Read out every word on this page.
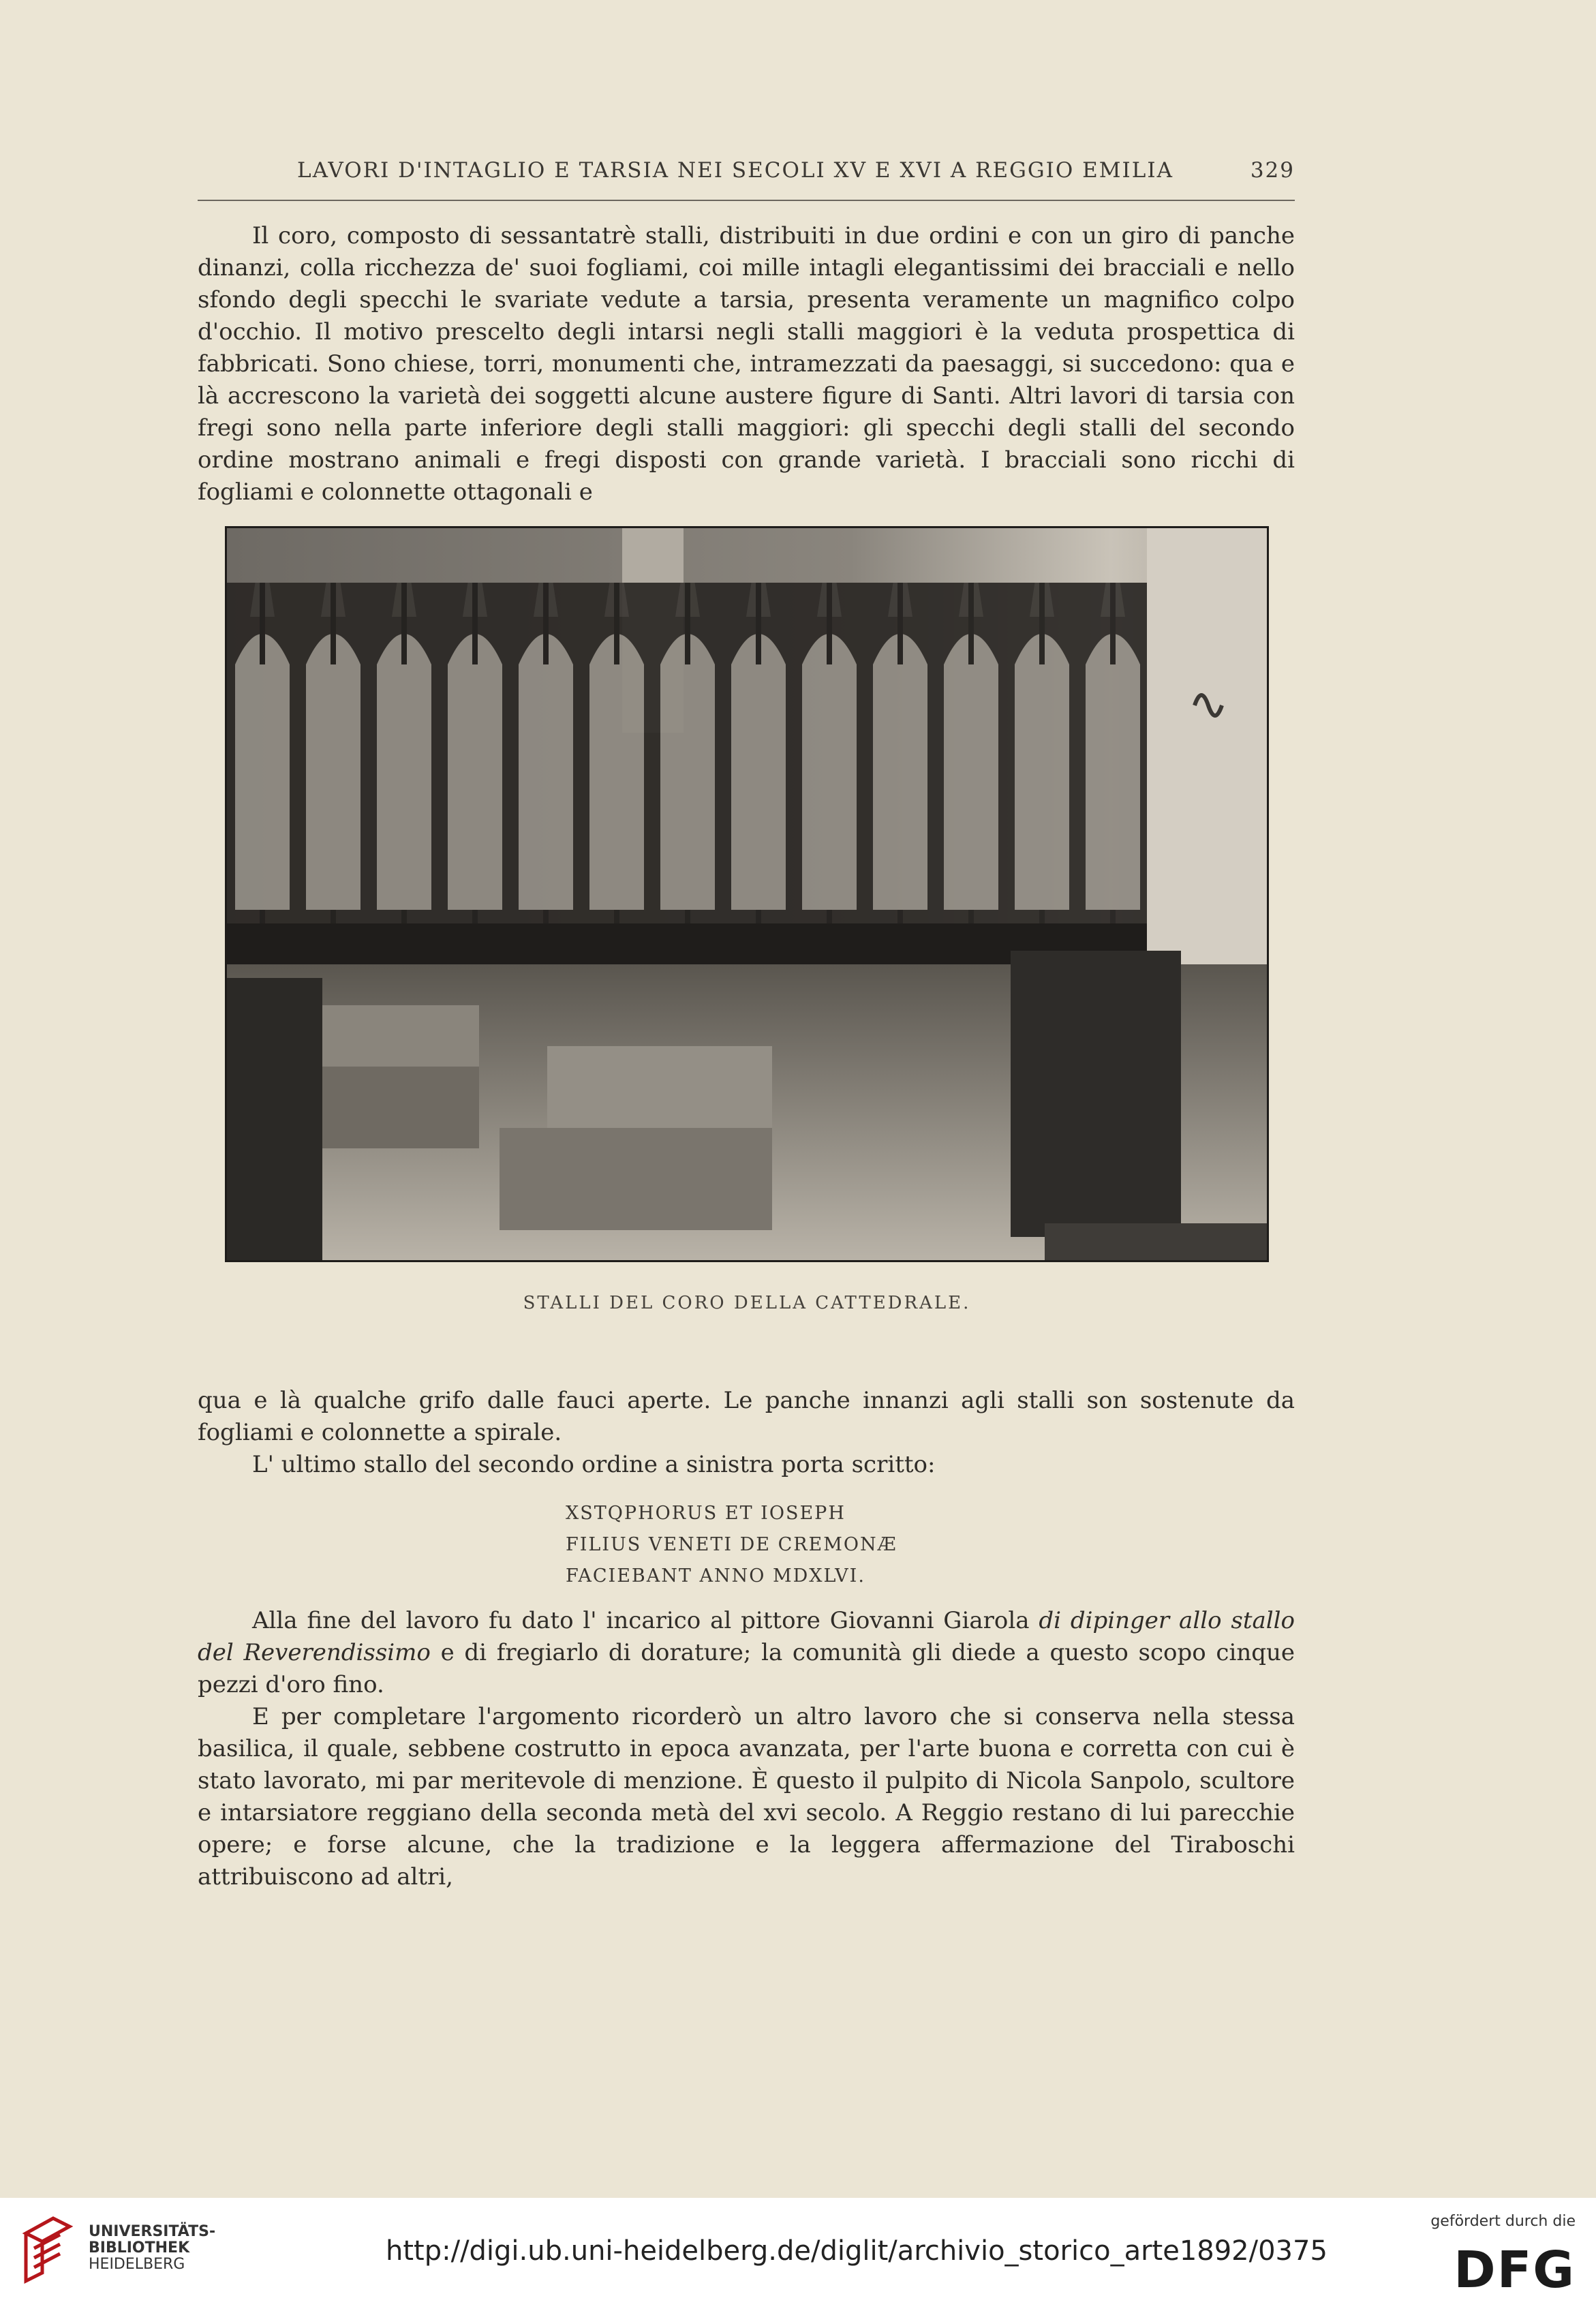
LAVORI D'INTAGLIO E TARSIA NEI SECOLI XV E XVI A REGGIO EMILIA	329

Il coro, composto di sessantatrè stalli, distribuiti in due ordini e con un giro di panche dinanzi, colla ricchezza de' suoi fogliami, coi mille intagli elegantissimi dei bracciali e nello sfondo degli specchi le svariate vedute a tarsia, presenta veramente un magnifico colpo d'occhio. Il motivo prescelto degli intarsi negli stalli maggiori è la veduta prospettica di fabbricati. Sono chiese, torri, monumenti che, intramezzati da paesaggi, si succedono: qua e là accrescono la varietà dei soggetti alcune austere figure di Santi. Altri lavori di tarsia con fregi sono nella parte inferiore degli stalli maggiori: gli specchi degli stalli del secondo ordine mostrano animali e fregi disposti con grande varietà. I bracciali sono ricchi di fogliami e colonnette ottagonali e

STALLI DEL CORO DELLA CATTEDRALE.

qua e là qualche grifo dalle fauci aperte. Le panche innanzi agli stalli son sostenute da fogliami e colonnette a spirale.

L' ultimo stallo del secondo ordine a sinistra porta scritto:

XSTQPHORUS ET IOSEPH
FILIUS VENETI DE CREMONÆ
FACIEBANT ANNO MDXLVI.

Alla fine del lavoro fu dato l' incarico al pittore Giovanni Giarola di dipinger allo stallo del Reverendissimo e di fregiarlo di dorature; la comunità gli diede a questo scopo cinque pezzi d'oro fino.

E per completare l'argomento ricorderò un altro lavoro che si conserva nella stessa basilica, il quale, sebbene costrutto in epoca avanzata, per l'arte buona e corretta con cui è stato lavorato, mi par meritevole di menzione. È questo il pulpito di Nicola Sanpolo, scultore e intarsiatore reggiano della seconda metà del xvi secolo. A Reggio restano di lui parecchie opere; e forse alcune, che la tradizione e la leggera affermazione del Tiraboschi attribuiscono ad altri,

UNIVERSITÄTS-
BIBLIOTHEK
HEIDELBERG	http://digi.ub.uni-heidelberg.de/diglit/archivio_storico_arte1892/0375
gefördert durch die
DFG
